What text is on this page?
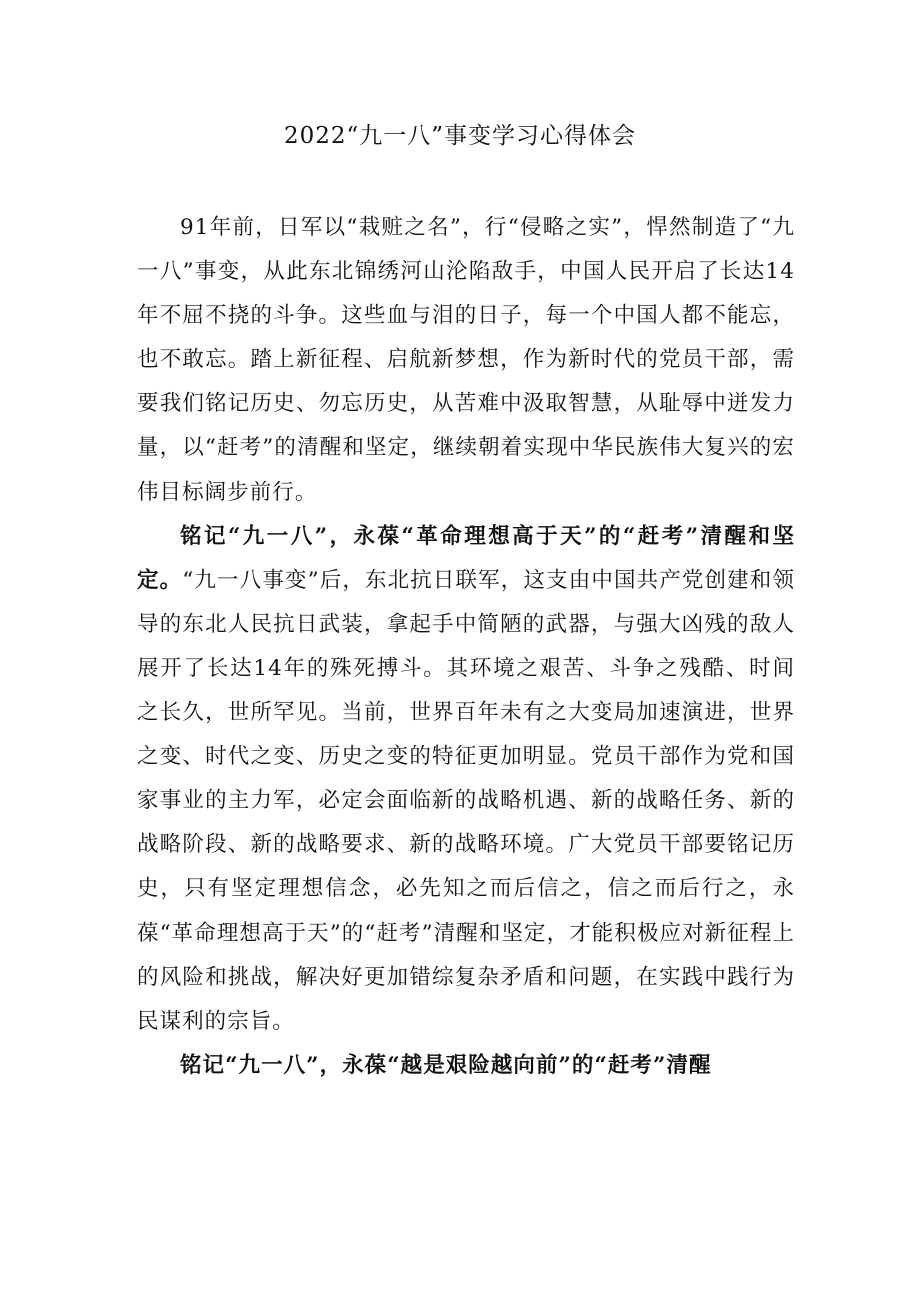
2022“九一八”事变学习心得体会

91年前，日军以“栽赃之名”，行“侵略之实”，悍然制造了“九一八”事变，从此东北锦绣河山沦陷敌手，中国人民开启了长达14年不屈不挠的斗争。这些血与泪的日子，每一个中国人都不能忘，也不敢忘。踏上新征程、启航新梦想，作为新时代的党员干部，需要我们铭记历史、勿忘历史，从苦难中汲取智慧，从耻辱中迸发力量，以“赶考”的清醒和坚定，继续朝着实现中华民族伟大复兴的宏伟目标阔步前行。

铭记“九一八”，永葆“革命理想高于天”的“赶考”清醒和坚定。“九一八事变”后，东北抗日联军，这支由中国共产党创建和领导的东北人民抗日武装，拿起手中简陋的武器，与强大凶残的敌人展开了长达14年的殊死搏斗。其环境之艰苦、斗争之残酷、时间之长久，世所罕见。当前，世界百年未有之大变局加速演进，世界之变、时代之变、历史之变的特征更加明显。党员干部作为党和国家事业的主力军，必定会面临新的战略机遇、新的战略任务、新的战略阶段、新的战略要求、新的战略环境。广大党员干部要铭记历史，只有坚定理想信念，必先知之而后信之，信之而后行之，永葆“革命理想高于天”的“赶考”清醒和坚定，才能积极应对新征程上的风险和挑战，解决好更加错综复杂矛盾和问题，在实践中践行为民谋利的宗旨。

铭记“九一八”，永葆“越是艰险越向前”的“赶考”清醒
